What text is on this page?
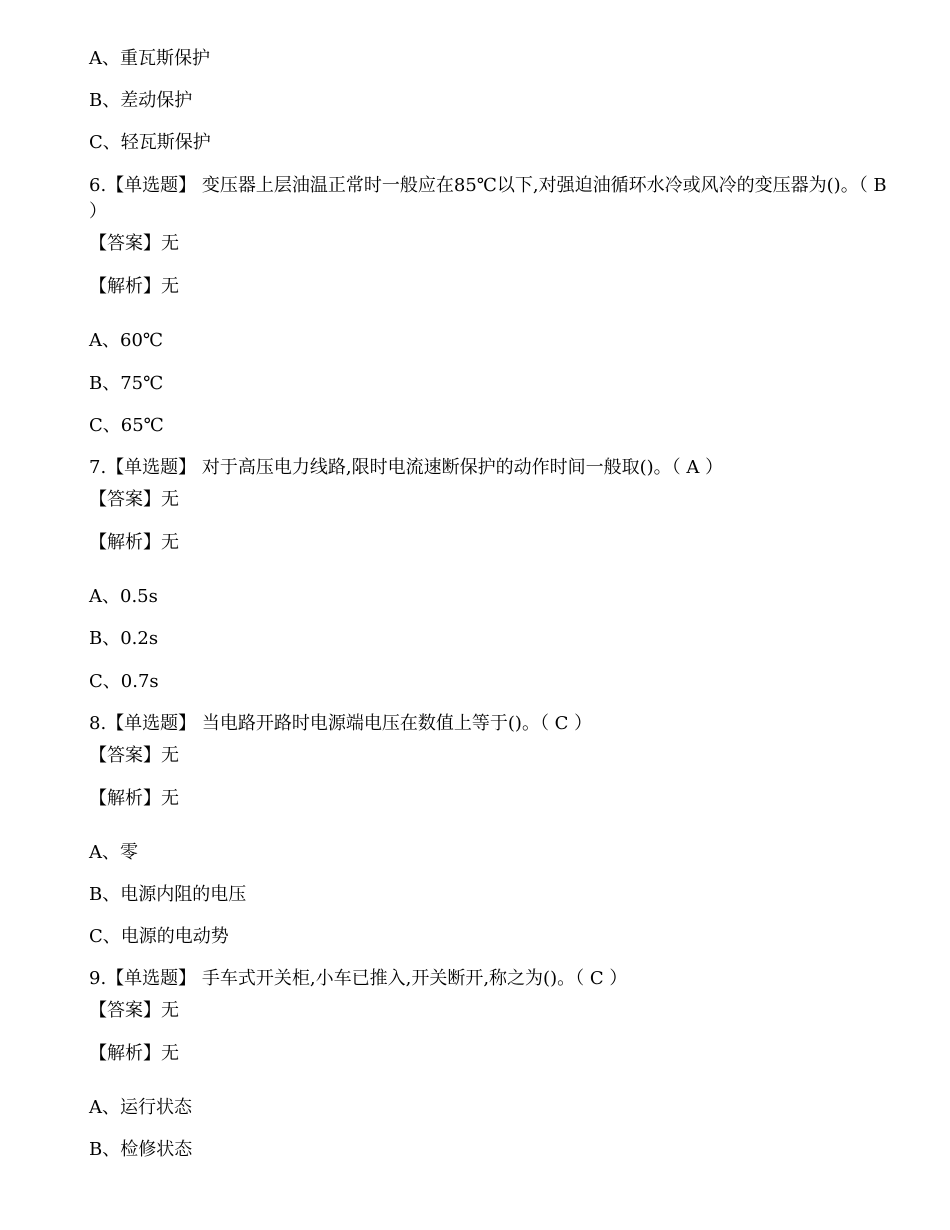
A、重瓦斯保护
B、差动保护
C、轻瓦斯保护
6.【单选题】 变压器上层油温正常时一般应在85℃以下,对强迫油循环水冷或风冷的变压器为()。（ B ）
【答案】无
【解析】无
A、60℃
B、75℃
C、65℃
7.【单选题】 对于高压电力线路,限时电流速断保护的动作时间一般取()。（ A ）
【答案】无
【解析】无
A、0.5s
B、0.2s
C、0.7s
8.【单选题】 当电路开路时电源端电压在数值上等于()。（ C ）
【答案】无
【解析】无
A、零
B、电源内阻的电压
C、电源的电动势
9.【单选题】 手车式开关柜,小车已推入,开关断开,称之为()。（ C ）
【答案】无
【解析】无
A、运行状态
B、检修状态
